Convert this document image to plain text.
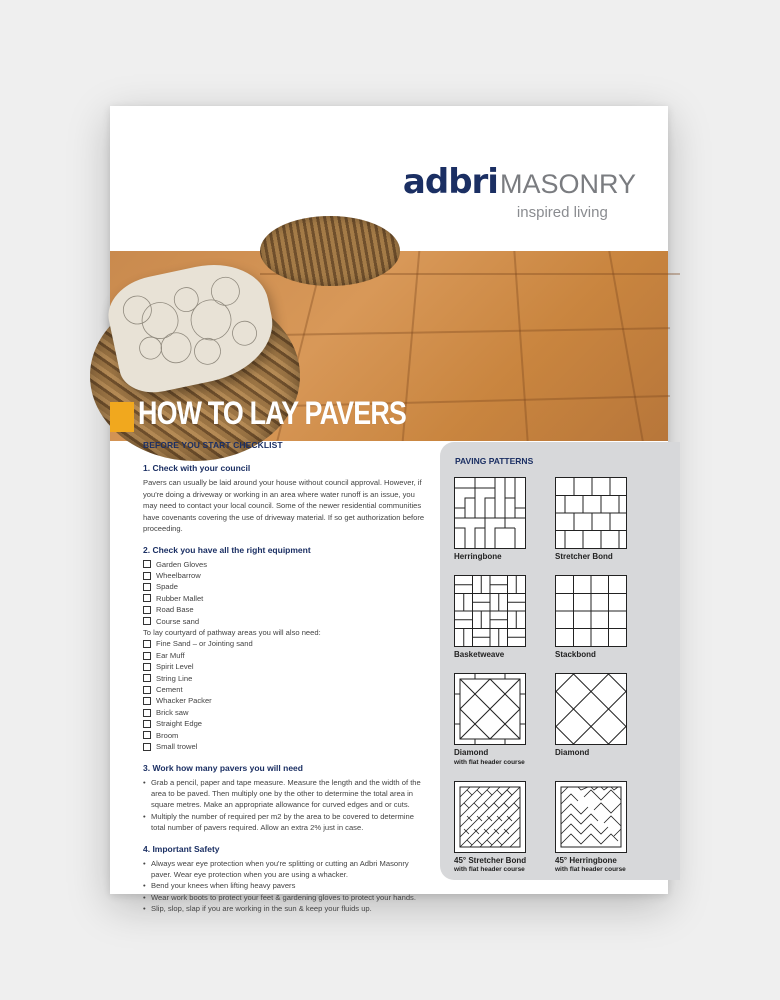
adbri MASONRY
inspired living
HOW TO LAY PAVERS
BEFORE YOU START CHECKLIST
1. Check with your council
Pavers can usually be laid around your house without council approval. However, if you're doing a driveway or working in an area where water runoff is an issue, you may need to contact your local council. Some of the newer residential communities have covenants covering the use of driveway material. If so get authorization before proceeding.
2. Check you have all the right equipment
Garden Gloves
Wheelbarrow
Spade
Rubber Mallet
Road Base
Course sand
To lay courtyard of pathway areas you will also need:
Fine Sand – or Jointing sand
Ear Muff
Spirit Level
String Line
Cement
Whacker Packer
Brick saw
Straight Edge
Broom
Small trowel
3. Work how many pavers you will need
• Grab a pencil, paper and tape measure. Measure the length and the width of the area to be paved. Then multiply one by the other to determine the total area in square metres. Make an appropriate allowance for curved edges and or cuts.
• Multiply the number of required per m2 by the area to be covered to determine total number of pavers required. Allow an extra 2% just in case.
4. Important Safety
• Always wear eye protection when you're splitting or cutting an Adbri Masonry paver. Wear eye protection when you are using a whacker.
• Bend your knees when lifting heavy pavers
• Wear work boots to protect your feet & gardening gloves to protect your hands.
• Slip, slop, slap if you are working in the sun & keep your fluids up.
PAVING PATTERNS
Herringbone	Stretcher Bond
Basketweave	Stackbond
Diamond
with flat header course
Diamond
45° Stretcher Bond
with flat header course
45° Herringbone
with flat header course
